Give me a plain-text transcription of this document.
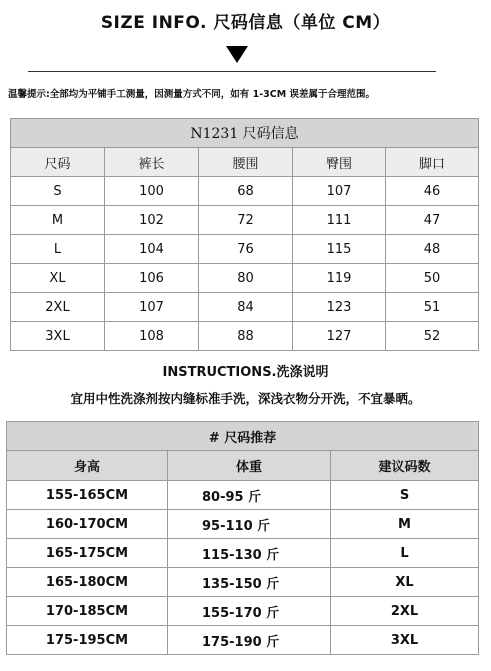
SIZE INFO. 尺码信息（单位 CM）
温馨提示:全部均为平铺手工测量，因测量方式不同，如有 1-3CM 误差属于合理范围。
N1231 尺码信息				
尺码	裤长	腰围	臀围	脚口
S	100	68	107	46
M	102	72	111	47
L	104	76	115	48
XL	106	80	119	50
2XL	107	84	123	51
3XL	108	88	127	52
INSTRUCTIONS.洗涤说明
宜用中性洗涤剂按内缝标准手洗，深浅衣物分开洗，不宜暴晒。
# 尺码推荐		
身高	体重	建议码数
155-165CM	80-95 斤	S
160-170CM	95-110 斤	M
165-175CM	115-130 斤	L
165-180CM	135-150 斤	XL
170-185CM	155-170 斤	2XL
175-195CM	175-190 斤	3XL
